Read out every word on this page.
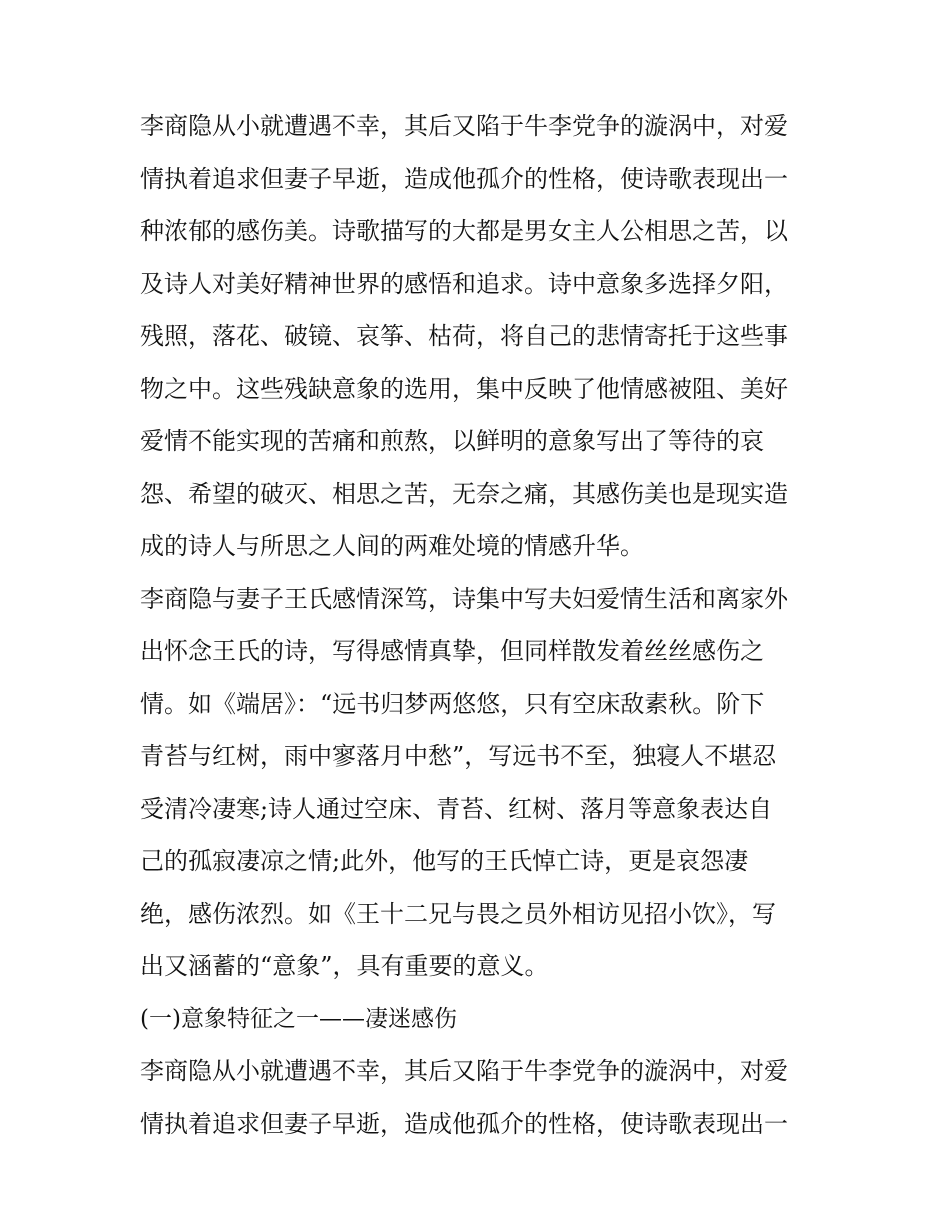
李商隐从小就遭遇不幸，其后又陷于牛李党争的漩涡中，对爱
情执着追求但妻子早逝，造成他孤介的性格，使诗歌表现出一
种浓郁的感伤美。诗歌描写的大都是男女主人公相思之苦，以
及诗人对美好精神世界的感悟和追求。诗中意象多选择夕阳，
残照，落花、破镜、哀筝、枯荷，将自己的悲情寄托于这些事
物之中。这些残缺意象的选用，集中反映了他情感被阻、美好
爱情不能实现的苦痛和煎熬，以鲜明的意象写出了等待的哀
怨、希望的破灭、相思之苦，无奈之痛，其感伤美也是现实造
成的诗人与所思之人间的两难处境的情感升华。
李商隐与妻子王氏感情深笃，诗集中写夫妇爱情生活和离家外
出怀念王氏的诗，写得感情真挚，但同样散发着丝丝感伤之
情。如《端居》：“远书归梦两悠悠，只有空床敌素秋。阶下
青苔与红树，雨中寥落月中愁”，写远书不至，独寝人不堪忍
受清冷凄寒;诗人通过空床、青苔、红树、落月等意象表达自
己的孤寂凄凉之情;此外，他写的王氏悼亡诗，更是哀怨凄
绝，感伤浓烈。如《王十二兄与畏之员外相访见招小饮》，写
出又涵蓄的“意象”，具有重要的意义。
(一)意象特征之一——凄迷感伤
李商隐从小就遭遇不幸，其后又陷于牛李党争的漩涡中，对爱
情执着追求但妻子早逝，造成他孤介的性格，使诗歌表现出一
